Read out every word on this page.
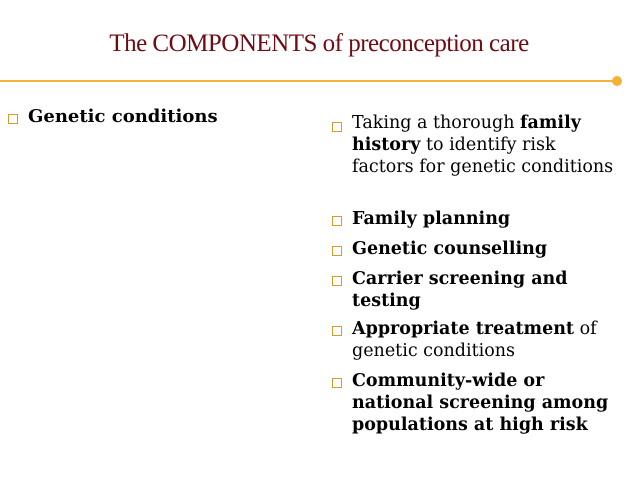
The COMPONENTS of preconception care
Genetic conditions	Taking a thorough family history to identify risk factors for genetic conditions
Family planning
Genetic counselling
Carrier screening and testing
Appropriate treatment of genetic conditions
Community-wide or national screening among populations at high risk
